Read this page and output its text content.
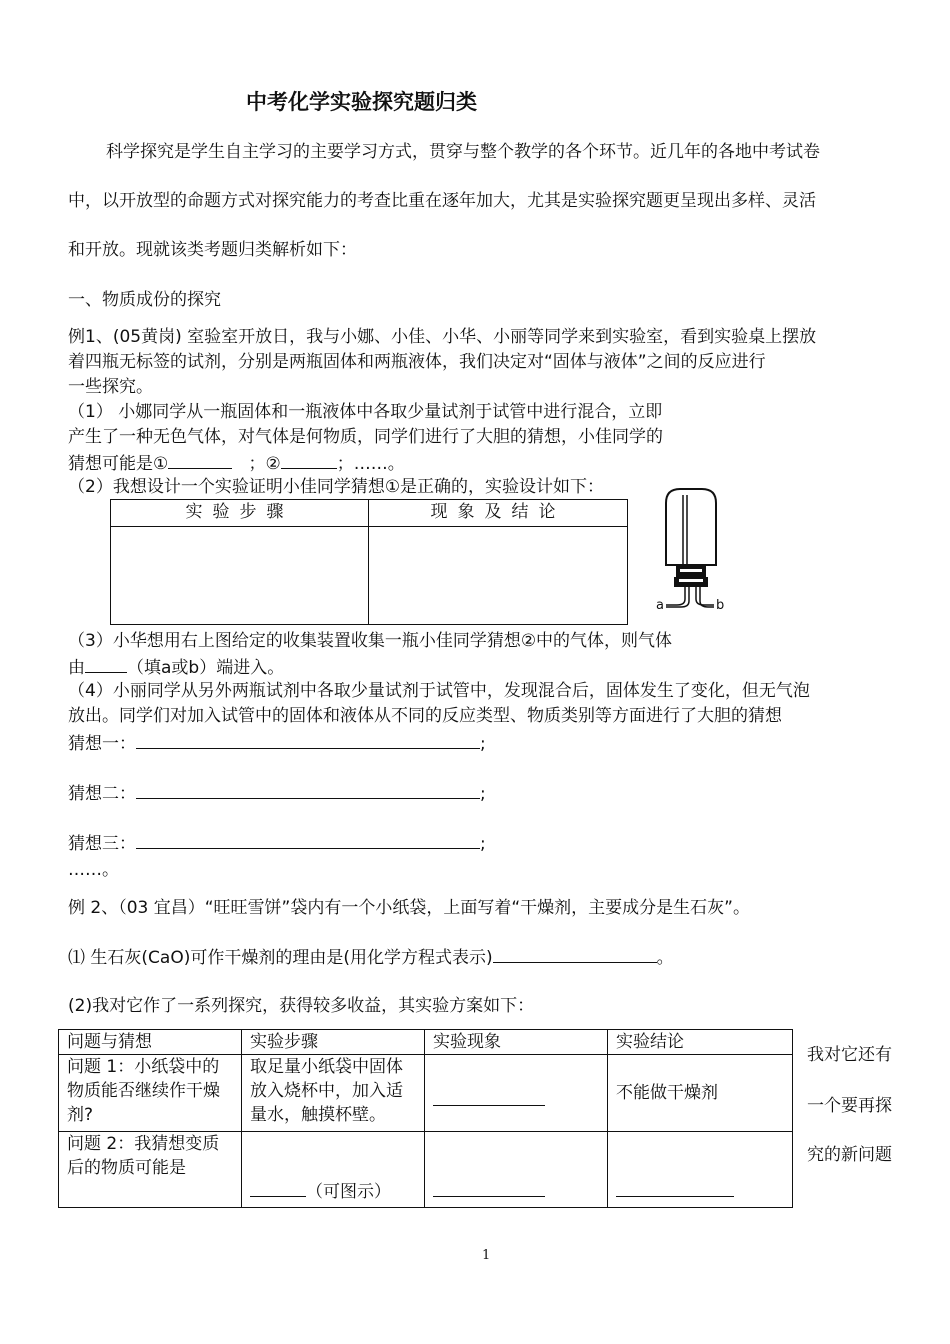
中考化学实验探究题归类
科学探究是学生自主学习的主要学习方式，贯穿与整个教学的各个环节。近几年的各地中考试卷
中，以开放型的命题方式对探究能力的考查比重在逐年加大，尤其是实验探究题更呈现出多样、灵活
和开放。现就该类考题归类解析如下：
一、物质成份的探究
例1、(05黄岗) 室验室开放日，我与小娜、小佳、小华、小丽等同学来到实验室，看到实验桌上摆放
着四瓶无标签的试剂，分别是两瓶固体和两瓶液体，我们决定对“固体与液体”之间的反应进行
一些探究。
（1） 小娜同学从一瓶固体和一瓶液体中各取少量试剂于试管中进行混合，立即
产生了一种无色气体，对气体是何物质，同学们进行了大胆的猜想，小佳同学的
猜想可能是①	；②	；……。
（2）我想设计一个实验证明小佳同学猜想①是正确的，实验设计如下：
实验步骤	现象及结论

a	b
（3）小华想用右上图给定的收集装置收集一瓶小佳同学猜想②中的气体，则气体
由 （填a或b）端进入。
（4）小丽同学从另外两瓶试剂中各取少量试剂于试管中，发现混合后，固体发生了变化，但无气泡
放出。同学们对加入试管中的固体和液体从不同的反应类型、物质类别等方面进行了大胆的猜想
猜想一：	;
猜想二：	;
猜想三：	;
……。
例 2、（03 宜昌）“旺旺雪饼”袋内有一个小纸袋，上面写着“干燥剂，主要成分是生石灰”。
⑴ 生石灰(CaO)可作干燥剂的理由是(用化学方程式表示)	。
(2)我对它作了一系列探究，获得较多收益，其实验方案如下：
问题与猜想	实验步骤	实验现象	实验结论
问题 1：小纸袋中的物质能否继续作干燥剂?	取足量小纸袋中固体放入烧杯中，加入适量水，触摸杯壁。		不能做干燥剂
问题 2：我猜想变质后的物质可能是	（可图示）		
我对它还有
一个要再探
究的新问题
1
